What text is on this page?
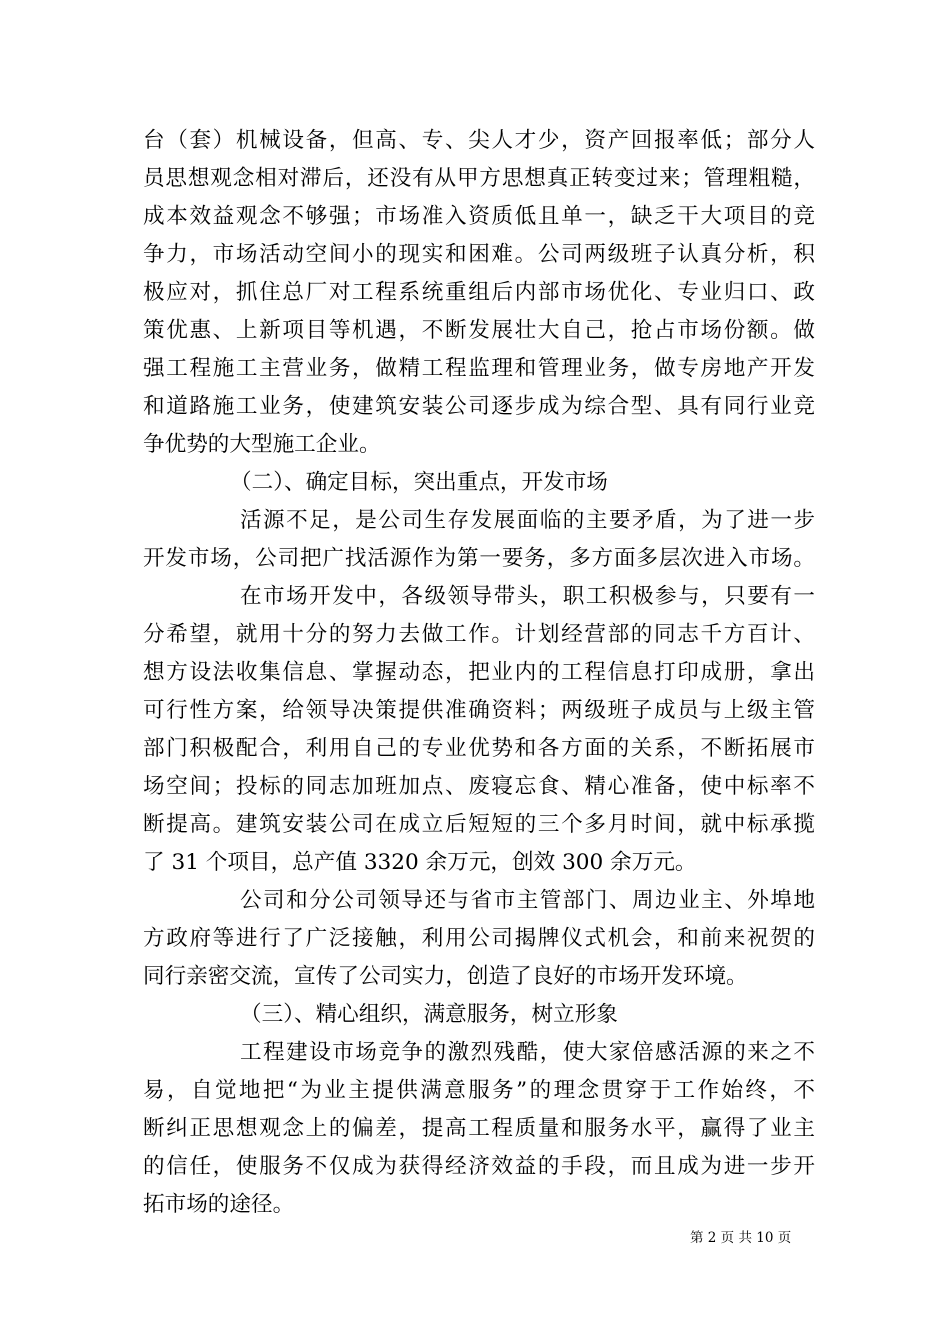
台（套）机械设备，但高、专、尖人才少，资产回报率低；部分人
员思想观念相对滞后，还没有从甲方思想真正转变过来；管理粗糙，
成本效益观念不够强；市场准入资质低且单一，缺乏干大项目的竞
争力，市场活动空间小的现实和困难。公司两级班子认真分析，积
极应对，抓住总厂对工程系统重组后内部市场优化、专业归口、政
策优惠、上新项目等机遇，不断发展壮大自己，抢占市场份额。做
强工程施工主营业务，做精工程监理和管理业务，做专房地产开发
和道路施工业务，使建筑安装公司逐步成为综合型、具有同行业竞
争优势的大型施工企业。
（二）、确定目标，突出重点，开发市场
活源不足，是公司生存发展面临的主要矛盾，为了进一步
开发市场，公司把广找活源作为第一要务，多方面多层次进入市场。
在市场开发中，各级领导带头，职工积极参与，只要有一
分希望，就用十分的努力去做工作。计划经营部的同志千方百计、
想方设法收集信息、掌握动态，把业内的工程信息打印成册，拿出
可行性方案，给领导决策提供准确资料；两级班子成员与上级主管
部门积极配合，利用自己的专业优势和各方面的关系，不断拓展市
场空间；投标的同志加班加点、废寝忘食、精心准备，使中标率不
断提高。建筑安装公司在成立后短短的三个多月时间，就中标承揽
了 31 个项目，总产值 3320 余万元，创效 300 余万元。
公司和分公司领导还与省市主管部门、周边业主、外埠地
方政府等进行了广泛接触，利用公司揭牌仪式机会，和前来祝贺的
同行亲密交流，宣传了公司实力，创造了良好的市场开发环境。
（三）、精心组织，满意服务，树立形象
工程建设市场竞争的激烈残酷，使大家倍感活源的来之不
易，自觉地把“为业主提供满意服务”的理念贯穿于工作始终，不
断纠正思想观念上的偏差，提高工程质量和服务水平，赢得了业主
的信任，使服务不仅成为获得经济效益的手段，而且成为进一步开
拓市场的途径。
第 2 页 共 10 页
